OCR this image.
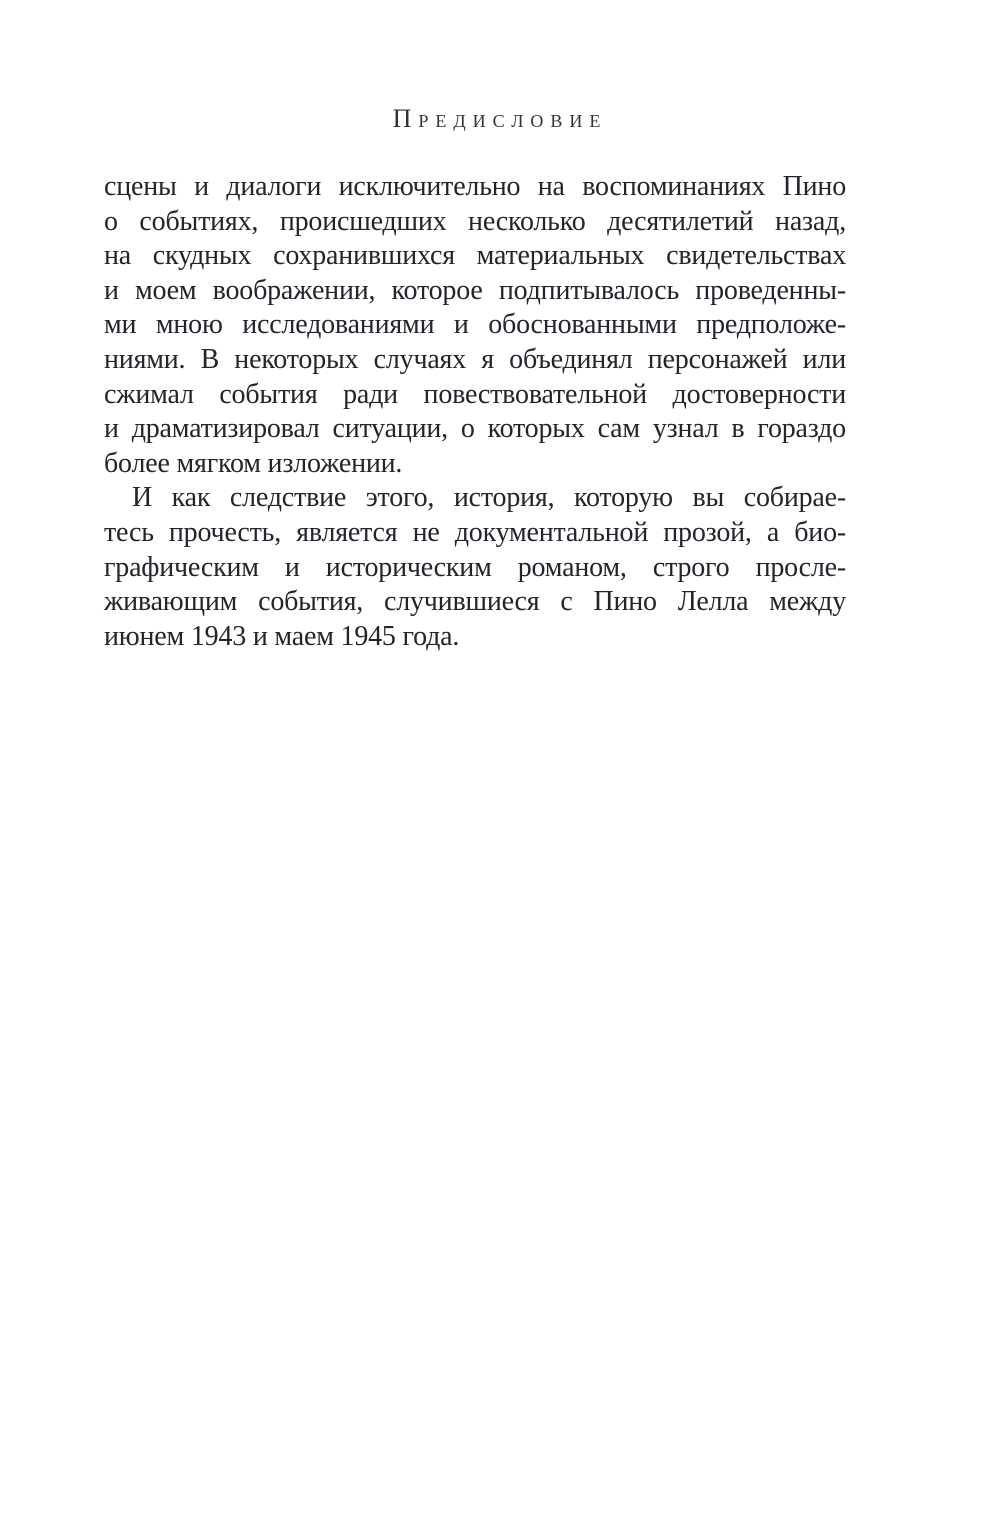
Предисловие
сцены и диалоги исключительно на воспоминаниях Пино
о событиях, происшедших несколько десятилетий назад,
на скудных сохранившихся материальных свидетельствах
и моем воображении, которое подпитывалось проведенны-
ми мною исследованиями и обоснованными предположе-
ниями. В некоторых случаях я объединял персонажей или
сжимал события ради повествовательной достоверности
и драматизировал ситуации, о которых сам узнал в гораздо
более мягком изложении.
И как следствие этого, история, которую вы собирае-
тесь прочесть, является не документальной прозой, а био-
графическим и историческим романом, строго просле-
живающим события, случившиеся с Пино Лелла между
июнем 1943 и маем 1945 года.
